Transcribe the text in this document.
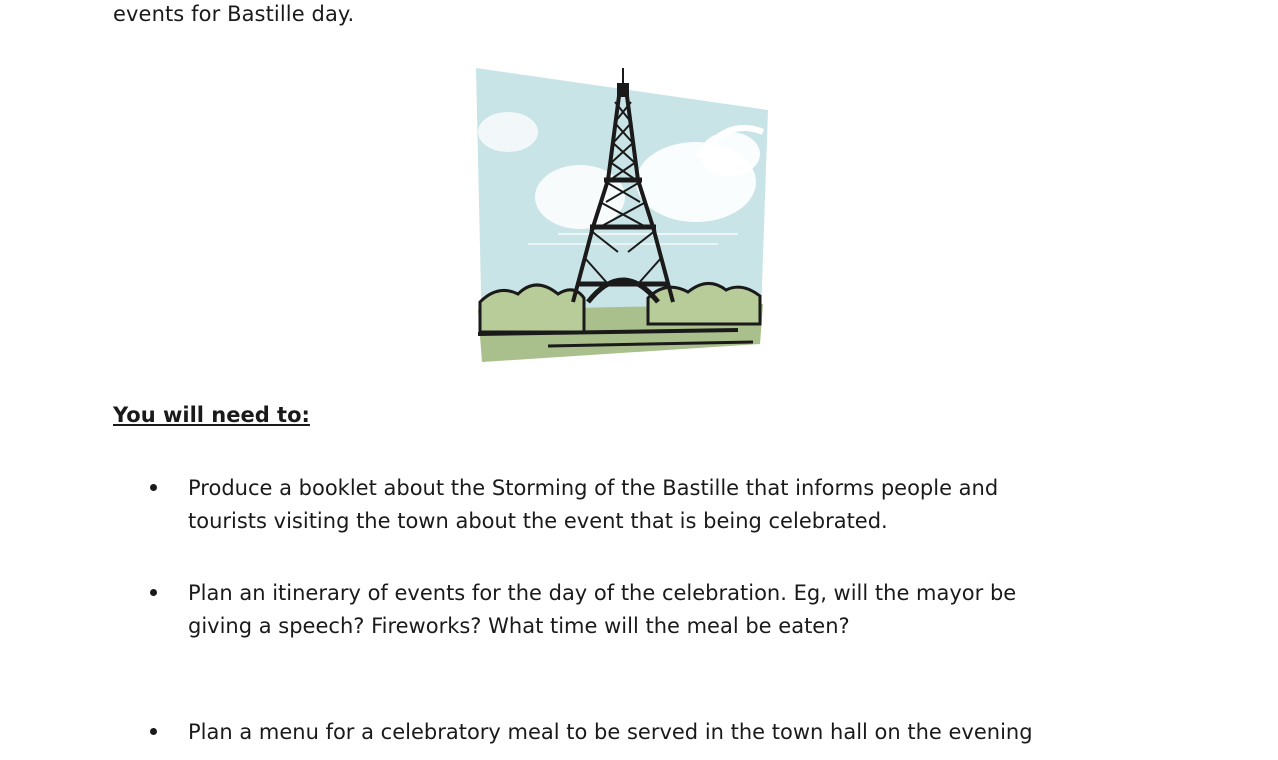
events for Bastille day.
You will need to:
Produce a booklet about the Storming of the Bastille that informs people and
tourists visiting the town about the event that is being celebrated.
Plan an itinerary of events for the day of the celebration. Eg, will the mayor be
giving a speech? Fireworks? What time will the meal be eaten?
Plan a menu for a celebratory meal to be served in the town hall on the evening
